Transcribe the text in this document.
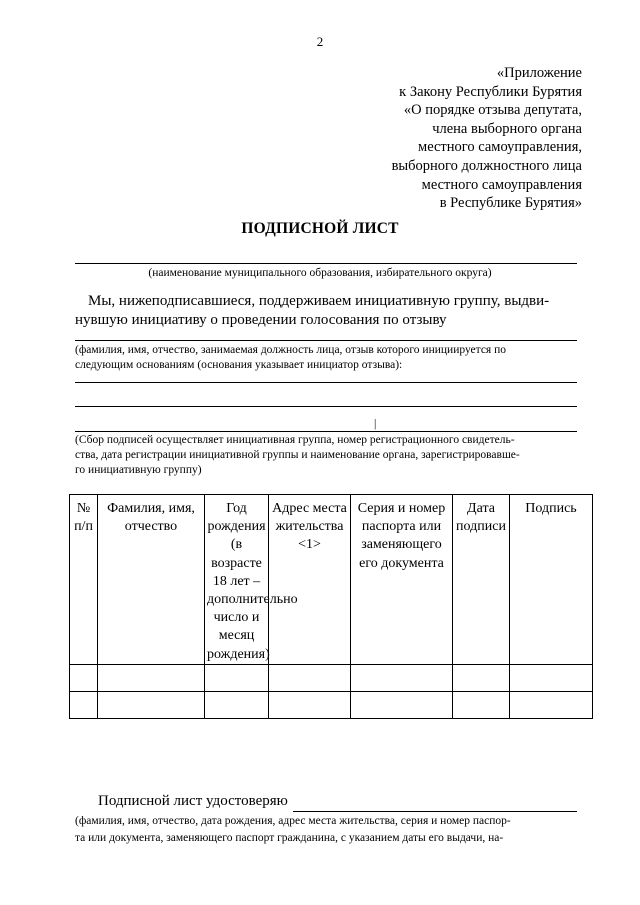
2
«Приложение
к Закону Республики Бурятия
«О порядке отзыва депутата,
члена выборного органа
местного самоуправления,
выборного должностного лица
местного самоуправления
в Республике Бурятия»
ПОДПИСНОЙ ЛИСТ
(наименование муниципального образования, избирательного округа)
Мы, нижеподписавшиеся, поддерживаем инициативную группу, выдви-
нувшую инициативу о проведении голосования по отзыву
(фамилия, имя, отчество, занимаемая должность лица, отзыв которого инициируется по
следующим основаниям (основания указывает инициатор отзыва):
|
(Сбор подписей осуществляет инициативная группа, номер регистрационного свидетель-
ства, дата регистрации инициативной группы и наименование органа, зарегистрировавше-
го инициативную группу)
№ п/п	Фамилия, имя, отчество	Год рождения (в возрасте 18 лет – дополнительно число и месяц рождения)	Адрес места жительства <1>	Серия и номер паспорта или заменяющего его документа	Дата подписи	Подпись

Подписной лист удостоверяю
(фамилия, имя, отчество, дата рождения, адрес места жительства, серия и номер паспор-
та или документа, заменяющего паспорт гражданина, с указанием даты его выдачи, на-
